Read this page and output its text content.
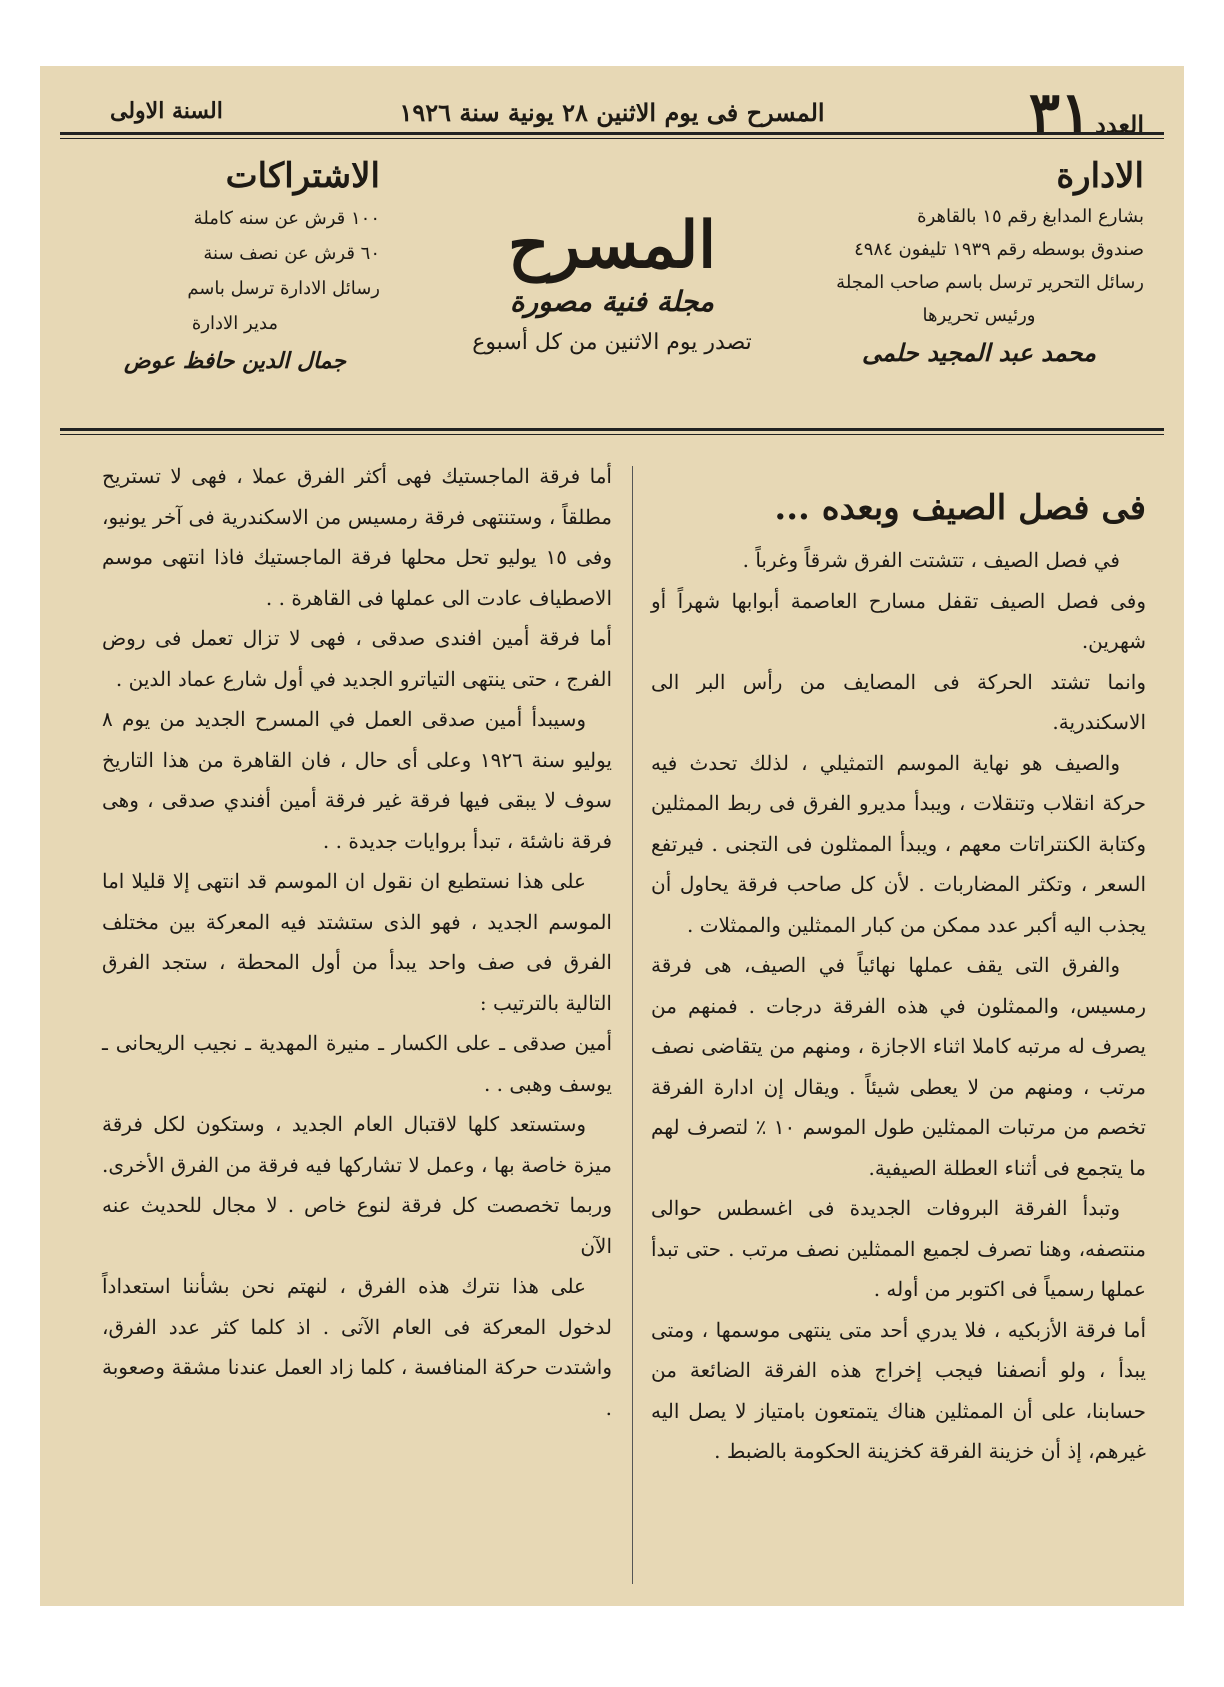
العدد
٣١
المسرح فى يوم الاثنين ٢٨ يونية سنة ١٩٢٦
السنة الاولى
الادارة
بشارع المدابغ رقم ١٥ بالقاهرة
صندوق بوسطه رقم ١٩٣٩ تليفون ٤٩٨٤
رسائل التحرير ترسل باسم صاحب المجلة
ورئيس تحريرها
محمد عبد المجيد حلمى
المسرح
مجلة فنية مصورة
تصدر يوم الاثنين من كل أسبوع
الاشتراكات
١٠٠ قرش عن سنه كاملة
٦٠ قرش عن نصف سنة
رسائل الادارة ترسل باسم
مدير الادارة
جمال الدين حافظ عوض
فى فصل الصيف وبعده ...

في فصل الصيف ، تتشتت الفرق شرقاً وغرباً .

وفى فصل الصيف تقفل مسارح العاصمة أبوابها شهراً أو شهرين.

وانما تشتد الحركة فى المصايف من رأس البر الى الاسكندرية.

والصيف هو نهاية الموسم التمثيلي ، لذلك تحدث فيه حركة انقلاب وتنقلات ، ويبدأ مديرو الفرق فى ربط الممثلين وكتابة الكنتراتات معهم ، ويبدأ الممثلون فى التجنى . فيرتفع السعر ، وتكثر المضاربات . لأن كل صاحب فرقة يحاول أن يجذب اليه أكبر عدد ممكن من كبار الممثلين والممثلات .

والفرق التى يقف عملها نهائياً في الصيف، هى فرقة رمسيس، والممثلون في هذه الفرقة درجات . فمنهم من يصرف له مرتبه كاملا اثناء الاجازة ، ومنهم من يتقاضى نصف مرتب ، ومنهم من لا يعطى شيئاً . ويقال إن ادارة الفرقة تخصم من مرتبات الممثلين طول الموسم ١٠ ٪ لتصرف لهم ما يتجمع فى أثناء العطلة الصيفية.

وتبدأ الفرقة البروفات الجديدة فى اغسطس حوالى منتصفه، وهنا تصرف لجميع الممثلين نصف مرتب . حتى تبدأ عملها رسمياً فى اكتوبر من أوله .

أما فرقة الأزبكيه ، فلا يدري أحد متى ينتهى موسمها ، ومتى يبدأ ، ولو أنصفنا فيجب إخراج هذه الفرقة الضائعة من حسابنا، على أن الممثلين هناك يتمتعون بامتياز لا يصل اليه غيرهم، إذ أن خزينة الفرقة كخزينة الحكومة بالضبط .

أما فرقة الماجستيك فهى أكثر الفرق عملا ، فهى لا تستريح مطلقاً ، وستنتهى فرقة رمسيس من الاسكندرية فى آخر يونيو، وفى ١٥ يوليو تحل محلها فرقة الماجستيك فاذا انتهى موسم الاصطياف عادت الى عملها فى القاهرة . .

أما فرقة أمين افندى صدقى ، فهى لا تزال تعمل فى روض الفرج ، حتى ينتهى التياترو الجديد في أول شارع عماد الدين .

وسيبدأ أمين صدقى العمل في المسرح الجديد من يوم ٨ يوليو سنة ١٩٢٦ وعلى أى حال ، فان القاهرة من هذا التاريخ سوف لا يبقى فيها فرقة غير فرقة أمين أفندي صدقى ، وهى فرقة ناشئة ، تبدأ بروايات جديدة . .

على هذا نستطيع ان نقول ان الموسم قد انتهى إلا قليلا اما الموسم الجديد ، فهو الذى ستشتد فيه المعركة بين مختلف الفرق فى صف واحد يبدأ من أول المحطة ، ستجد الفرق التالية بالترتيب :

أمين صدقى ـ على الكسار ـ منيرة المهدية ـ نجيب الريحانى ـ يوسف وهبى . .

وستستعد كلها لاقتبال العام الجديد ، وستكون لكل فرقة ميزة خاصة بها ، وعمل لا تشاركها فيه فرقة من الفرق الأخرى. وربما تخصصت كل فرقة لنوع خاص . لا مجال للحديث عنه الآن

على هذا نترك هذه الفرق ، لنهتم نحن بشأننا استعداداً لدخول المعركة فى العام الآتى . اذ كلما كثر عدد الفرق، واشتدت حركة المنافسة ، كلما زاد العمل عندنا مشقة وصعوبة .
